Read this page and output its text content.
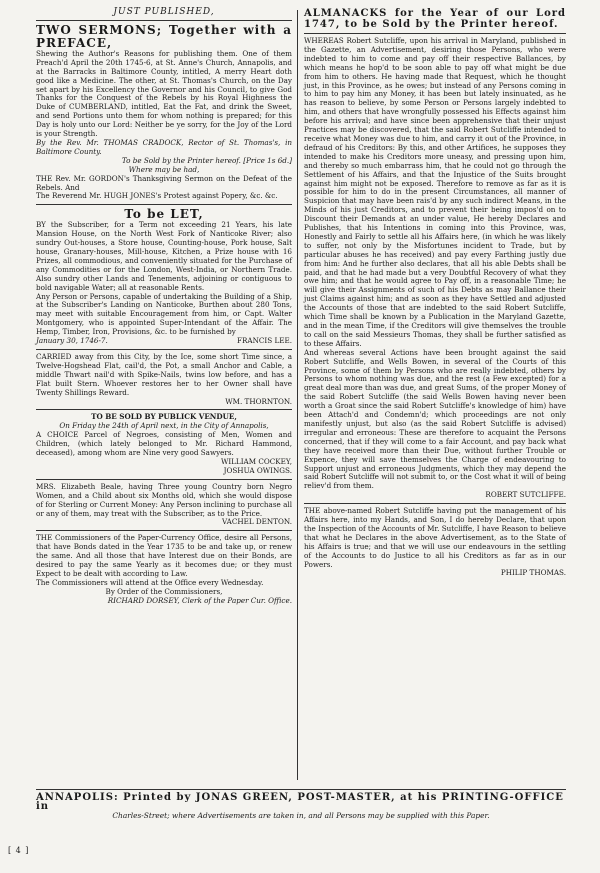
JUST PUBLISHED,

TWO SERMONS; Together with a PREFACE,

Shewing the Author's Reasons for publishing them. One of them Preach'd April the 20th 1745-6, at St. Anne's Church, Annapolis, and at the Barracks in Baltimore County, intitled, A merry Heart doth good like a Medicine. The other, at St. Thomas's Church, on the Day set apart by his Excellency the Governor and his Council, to give God Thanks for the Conquest of the Rebels by his Royal Highness the Duke of CUMBERLAND, intitled, Eat the Fat, and drink the Sweet, and send Portions unto them for whom nothing is prepared; for this Day is holy unto our Lord: Neither be ye sorry, for the Joy of the Lord is your Strength.

By the Rev. Mr. THOMAS CRADOCK, Rector of St. Thomas's, in Baltimore County.

To be Sold by the Printer hereof. [Price 1s 6d.]

Where may be had,

THE Rev. Mr. GORDON's Thanksgiving Sermon on the Defeat of the Rebels. And

The Reverend Mr. HUGH JONES's Protest against Popery, &c. &c.

To be LET,

BY the Subscriber, for a Term not exceeding 21 Years, his late Mansion House, on the North West Fork of Nanticoke River; also sundry Out-houses, a Store house, Counting-house, Pork house, Salt house, Granary-houses, Mill-house, Kitchen, a Prize house with 16 Prizes, all commodious, and conveniently situated for the Purchase of any Commodities or for the London, West-India, or Northern Trade. Also sundry other Lands and Tenements, adjoining or contiguous to bold navigable Water; all at reasonable Rents.

Any Person or Persons, capable of undertaking the Building of a Ship, at the Subscriber's Landing on Nanticoke, Burthen about 280 Tons, may meet with suitable Encouragement from him, or Capt. Walter Montgomery, who is appointed Super-Intendant of the Affair. The Hemp, Timber, Iron, Provisions, &c. to be furnished by

January 30, 1746-7.	FRANCIS LEE.

CARRIED away from this City, by the Ice, some short Time since, a Twelve-Hogshead Flat, cail'd, the Pot, a small Anchor and Cable, a middle Thwart nail'd with Spike-Nails, twins low before, and has a Flat built Stern. Whoever restores her to her Owner shall have Twenty Shillings Reward.

WM. THORNTON.

TO BE SOLD BY PUBLICK VENDUE,

On Friday the 24th of April next, in the City of Annapolis,

A CHOICE Parcel of Negroes, consisting of Men, Women and Children, (which lately belonged to Mr. Richard Hammond, deceased), among whom are Nine very good Sawyers.

WILLIAM COCKEY,

JOSHUA OWINGS.

MRS. Elizabeth Beale, having Three young Country born Negro Women, and a Child about six Months old, which she would dispose of for Sterling or Current Money: Any Person inclining to purchase all or any of them, may treat with the Subscriber, as to the Price.

VACHEL DENTON.

THE Commissioners of the Paper-Currency Office, desire all Persons, that have Bonds dated in the Year 1735 to be and take up, or renew the same. And all those that have Interest due on their Bonds, are desired to pay the same Yearly as it becomes due; or they must Expect to be dealt with according to Law.

The Commissioners will attend at the Office every Wednesday.

By Order of the Commissioners,

RICHARD DORSEY, Clerk of the Paper Cur. Office.

ALMANACKS for the Year of our Lord 1747, to be Sold by the Printer hereof.

WHEREAS Robert Sutcliffe, upon his arrival in Maryland, published in the Gazette, an Advertisement, desiring those Persons, who were indebted to him to come and pay off their respective Ballances, by which means he hop'd to be soon able to pay off what might be due from him to others. He having made that Request, which he thought just, in this Province, as he owes; but instead of any Persons coming in to him to pay him any Money, it has been but lately insinuated, as he has reason to believe, by some Person or Persons largely indebted to him, and others that have wrongfully possessed his Effects against him before his arrival; and have since been apprehensive that their unjust Practices may be discovered, that the said Robert Sutcliffe intended to receive what Money was due to him, and carry it out of the Province, in defraud of his Creditors: By this, and other Artifices, he supposes they intended to make his Creditors more uneasy, and pressing upon him, and thereby so much embarrass him, that he could not go through the Settlement of his Affairs, and that the Injustice of the Suits brought against him might not be exposed. Therefore to remove as far as it is possible for him to do in the present Circumstances, all manner of Suspicion that may have been rais'd by any such indirect Means, in the Minds of his just Creditors, and to prevent their being impos'd on to Discount their Demands at an under value, He hereby Declares and Publishes, that his Intentions in coming into this Province, was, Honestly and Fairly to settle all his Affairs here, (in which he was likely to suffer, not only by the Misfortunes incident to Trade, but by particular abuses he has received) and pay every Farthing justly due from him: And he further also declares, that all his able Debts shall be paid, and that he had made but a very Doubtful Recovery of what they owe him; and that he would agree to Pay off, in a reasonable Time; he will give their Assignments of such of his Debts as may Ballance their just Claims against him; and as soon as they have Settled and adjusted the Accounts of those that are indebted to the said Robert Sutcliffe, which Time shall be known by a Publication in the Maryland Gazette, and in the mean Time, if the Creditors will give themselves the trouble to call on the said Messieurs Thomas, they shall be further satisfied as to these Affairs.

And whereas several Actions have been brought against the said Robert Sutcliffe, and Wells Bowen, in several of the Courts of this Province, some of them by Persons who are really indebted, others by Persons to whom nothing was due, and the rest (a Few excepted) for a great deal more than was due, and great Sums, of the proper Money of the said Robert Sutcliffe (the said Wells Bowen having never been worth a Groat since the said Robert Sutcliffe's knowledge of him) have been Attach'd and Condemn'd; which proceedings are not only manifestly unjust, but also (as the said Robert Sutcliffe is advised) irregular and erroneous: These are therefore to acquaint the Persons concerned, that if they will come to a fair Account, and pay back what they have received more than their Due, without further Trouble or Expence, they will save themselves the Charge of endeavouring to Support unjust and erroneous Judgments, which they may depend the said Robert Sutcliffe will not submit to, or the Cost what it will of being reliev'd from them.

ROBERT SUTCLIFFE.

THE above-named Robert Sutcliffe having put the management of his Affairs here, into my Hands, and Son, I do hereby Declare, that upon the Inspection of the Accounts of Mr. Sutcliffe, I have Reason to believe that what he Declares in the above Advertisement, as to the State of his Affairs is true; and that we will use our endeavours in the settling of the Accounts to do Justice to all his Creditors as far as in our Powers.

PHILIP THOMAS.

ANNAPOLIS: Printed by JONAS GREEN, POST-MASTER, at his PRINTING-OFFICE in

Charles-Street; where Advertisements are taken in, and all Persons may be supplied with this Paper.

[ 4 ]
